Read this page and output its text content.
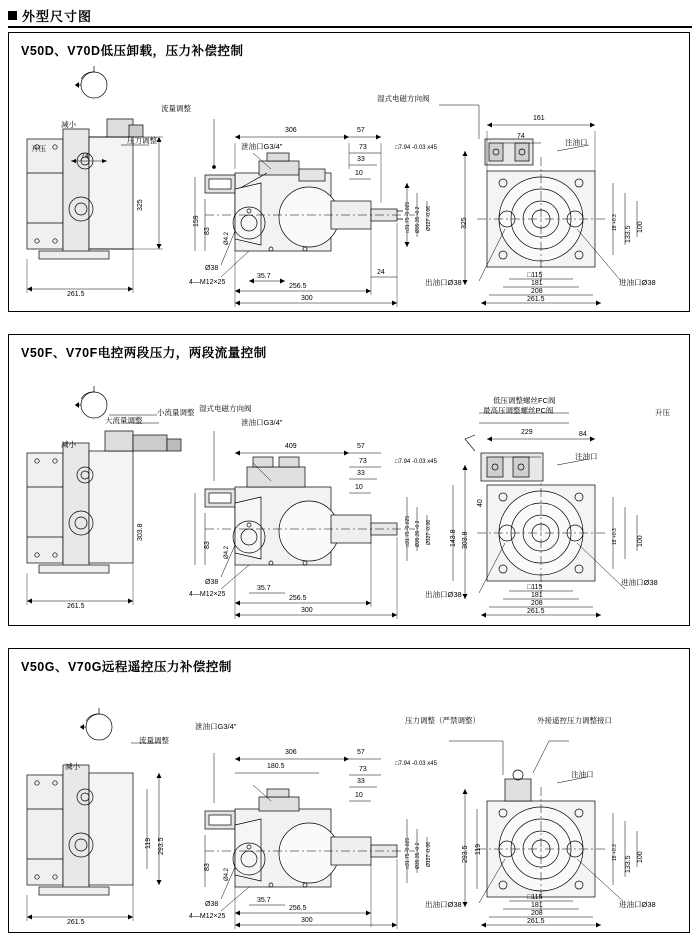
外型尺寸图
V50D、V70D低压卸载，压力补偿控制
减小
升压
压力调整
流量调整
74
325
261.5
泄油口G3/4"
306	57
73
33
10
159
83
Ø4.2
Ø38
4—M12×25
35.7
24
256.5
300
□31.75 -0.025 Ø35.35 -0.2 Ø127 -0.06
湿式电磁方向阀
161
74
注油口
□7.94 -0.03 x45
325	18 +0.3
133.5 100
□115
181
208
261.5
出油口Ø38	进油口Ø38
V50F、V70F电控两段压力，两段流量控制
减小
小流量调整
大流量调整
303.8
83
Ø4.2
261.5
湿式电磁方向阀
泄油口G3/4"
409	57
73
33
10
Ø38
4—M12×25
35.7
256.5
300
□31.75 -0.025 Ø35.35 -0.2 Ø127 -0.06
低压调整螺丝FC阀
最高压调整螺丝PC阀	升压
229	84
注油口
□7.94 -0.03 x45
303.8
143.8
40
18 +0.3	100
□115
181
208
261.5
出油口Ø38
进油口Ø38
V50G、V70G远程遥控压力补偿控制
减小
流量调整
119 293.5
261.5
泄油口G3/4"
306
180.5
57
73
33
10
83
Ø4.2
Ø38
4—M12×25
35.7
256.5
300
□31.75 -0.025 Ø35.35 -0.2 Ø127 -0.06
压力调整（严禁调整）	外接遥控压力调整接口
注油口
□7.94 -0.03 x45
293.5 119	18 +0.3
133.5 100
□115
181
208
261.5
出油口Ø38	进油口Ø38
